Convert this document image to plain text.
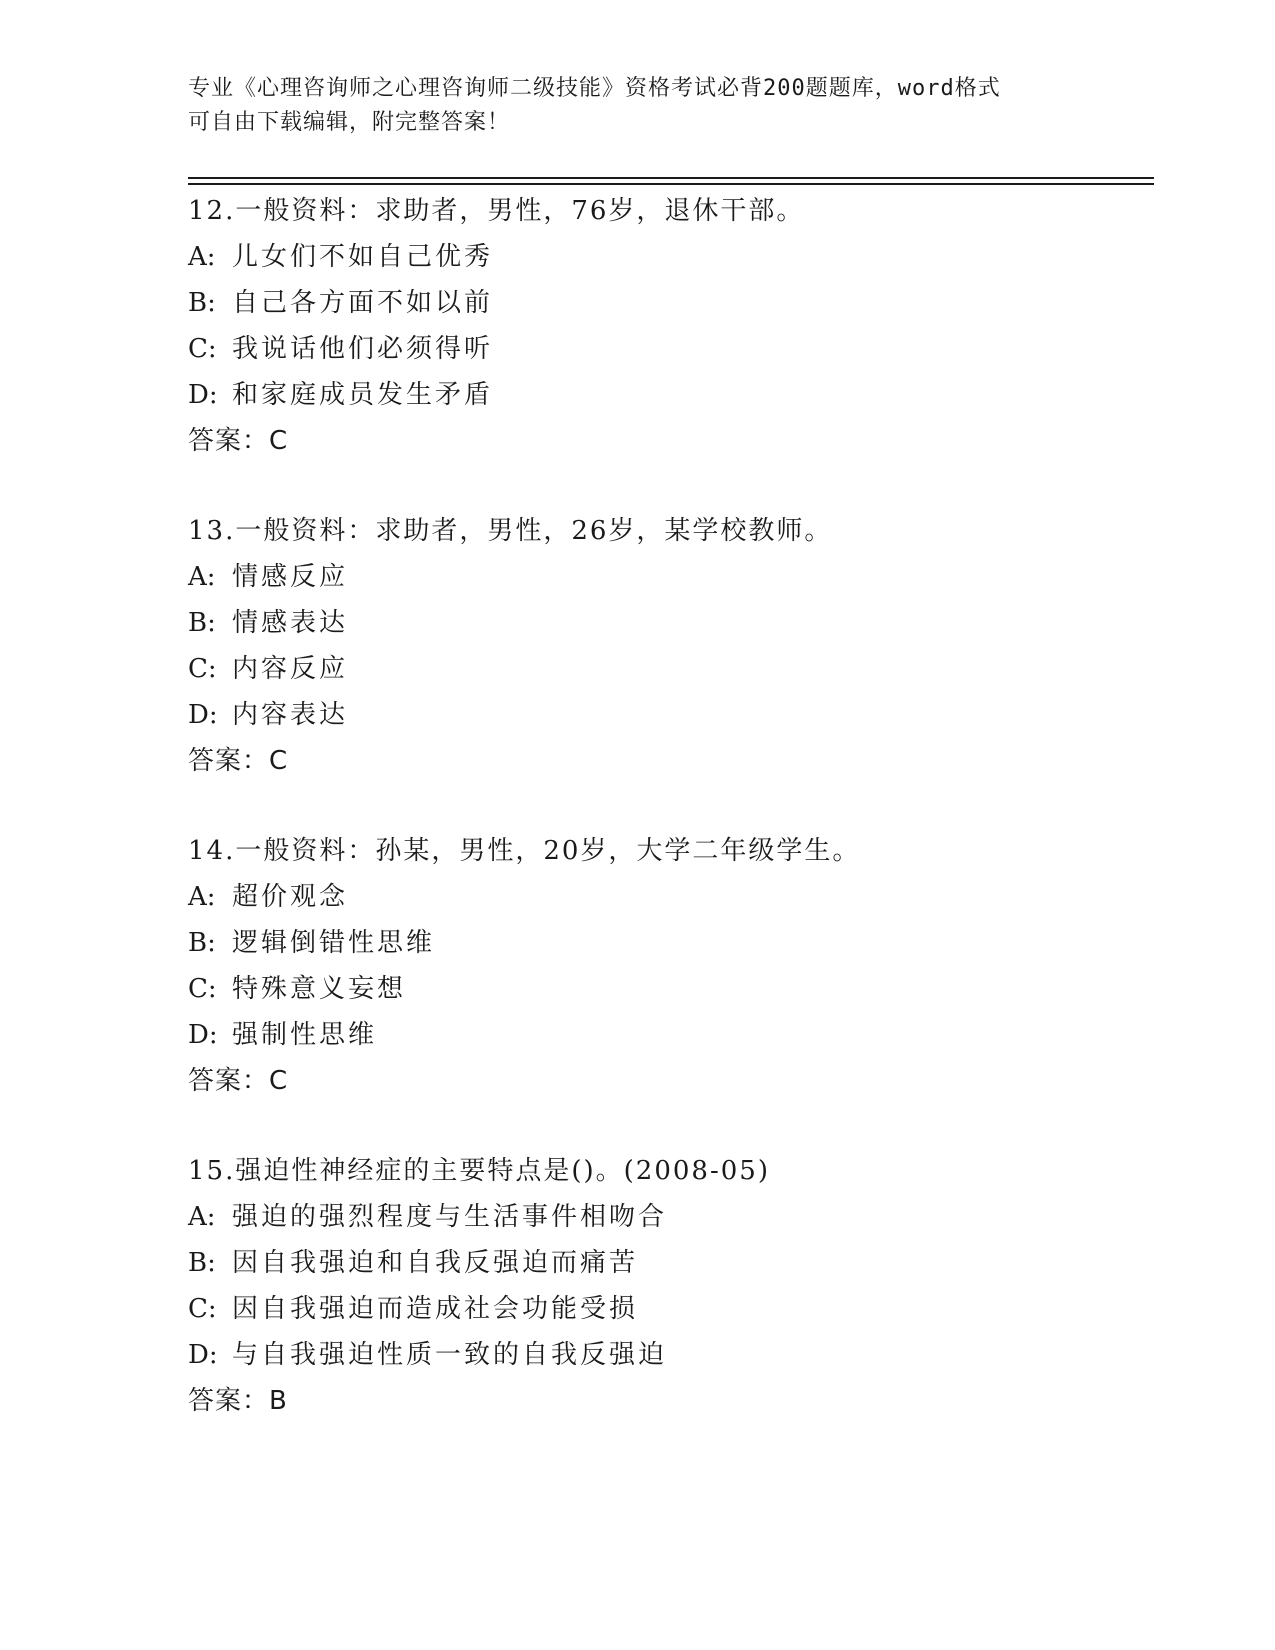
专业《心理咨询师之心理咨询师二级技能》资格考试必背200题题库，word格式
可自由下载编辑，附完整答案！
12.一般资料：求助者，男性，76岁，退休干部。
A: 儿女们不如自己优秀
B: 自己各方面不如以前
C: 我说话他们必须得听
D: 和家庭成员发生矛盾
答案：C
13.一般资料：求助者，男性，26岁，某学校教师。
A: 情感反应
B: 情感表达
C: 内容反应
D: 内容表达
答案：C
14.一般资料：孙某，男性，20岁，大学二年级学生。
A: 超价观念
B: 逻辑倒错性思维
C: 特殊意义妄想
D: 强制性思维
答案：C
15.强迫性神经症的主要特点是()。(2008-05)
A: 强迫的强烈程度与生活事件相吻合
B: 因自我强迫和自我反强迫而痛苦
C: 因自我强迫而造成社会功能受损
D: 与自我强迫性质一致的自我反强迫
答案：B
